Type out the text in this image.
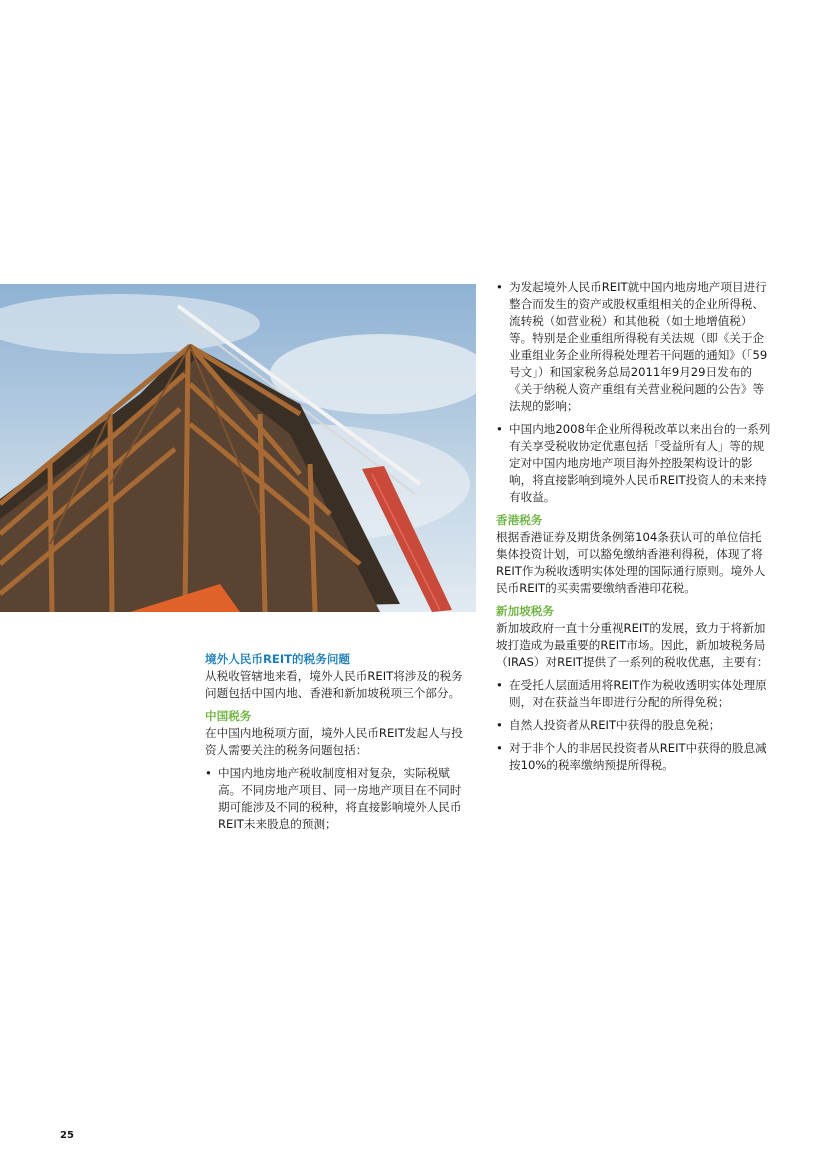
境外人民币REIT的税务问题

从税收管辖地来看，境外人民币REIT将涉及的税务问题包括中国内地、香港和新加坡税项三个部分。

中国税务

在中国内地税项方面，境外人民币REIT发起人与投资人需要关注的税务问题包括：

• 中国内地房地产税收制度相对复杂，实际税赋高。不同房地产项目、同一房地产项目在不同时期可能涉及不同的税种，将直接影响境外人民币REIT未来股息的预测；
• 为发起境外人民币REIT就中国内地房地产项目进行整合而发生的资产或股权重组相关的企业所得税、流转税（如营业税）和其他税（如土地增值税）等。特别是企业重组所得税有关法规（即《关于企业重组业务企业所得税处理若干问题的通知》（「59号文」）和国家税务总局2011年9月29日发布的《关于纳税人资产重组有关营业税问题的公告》等法规的影响；
• 中国内地2008年企业所得税改革以来出台的一系列有关享受税收协定优惠包括「受益所有人」等的规定对中国内地房地产项目海外控股架构设计的影响，将直接影响到境外人民币REIT投资人的未来持有收益。

香港税务

根据香港证券及期货条例第104条获认可的单位信托集体投资计划，可以豁免缴纳香港利得税，体现了将REIT作为税收透明实体处理的国际通行原则。境外人民币REIT的买卖需要缴纳香港印花税。

新加坡税务

新加坡政府一直十分重视REIT的发展，致力于将新加坡打造成为最重要的REIT市场。因此，新加坡税务局（IRAS）对REIT提供了一系列的税收优惠，主要有：

• 在受托人层面适用将REIT作为税收透明实体处理原则，对在获益当年即进行分配的所得免税；
• 自然人投资者从REIT中获得的股息免税；
• 对于非个人的非居民投资者从REIT中获得的股息减按10%的税率缴纳预提所得税。
25
